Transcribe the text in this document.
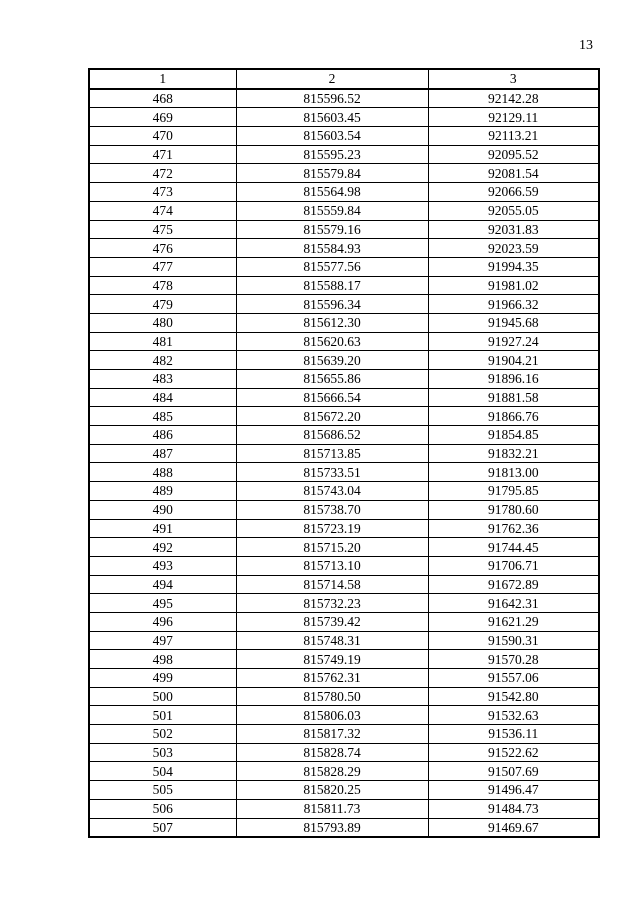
13
1	2	3
468	815596.52	92142.28
469	815603.45	92129.11
470	815603.54	92113.21
471	815595.23	92095.52
472	815579.84	92081.54
473	815564.98	92066.59
474	815559.84	92055.05
475	815579.16	92031.83
476	815584.93	92023.59
477	815577.56	91994.35
478	815588.17	91981.02
479	815596.34	91966.32
480	815612.30	91945.68
481	815620.63	91927.24
482	815639.20	91904.21
483	815655.86	91896.16
484	815666.54	91881.58
485	815672.20	91866.76
486	815686.52	91854.85
487	815713.85	91832.21
488	815733.51	91813.00
489	815743.04	91795.85
490	815738.70	91780.60
491	815723.19	91762.36
492	815715.20	91744.45
493	815713.10	91706.71
494	815714.58	91672.89
495	815732.23	91642.31
496	815739.42	91621.29
497	815748.31	91590.31
498	815749.19	91570.28
499	815762.31	91557.06
500	815780.50	91542.80
501	815806.03	91532.63
502	815817.32	91536.11
503	815828.74	91522.62
504	815828.29	91507.69
505	815820.25	91496.47
506	815811.73	91484.73
507	815793.89	91469.67
